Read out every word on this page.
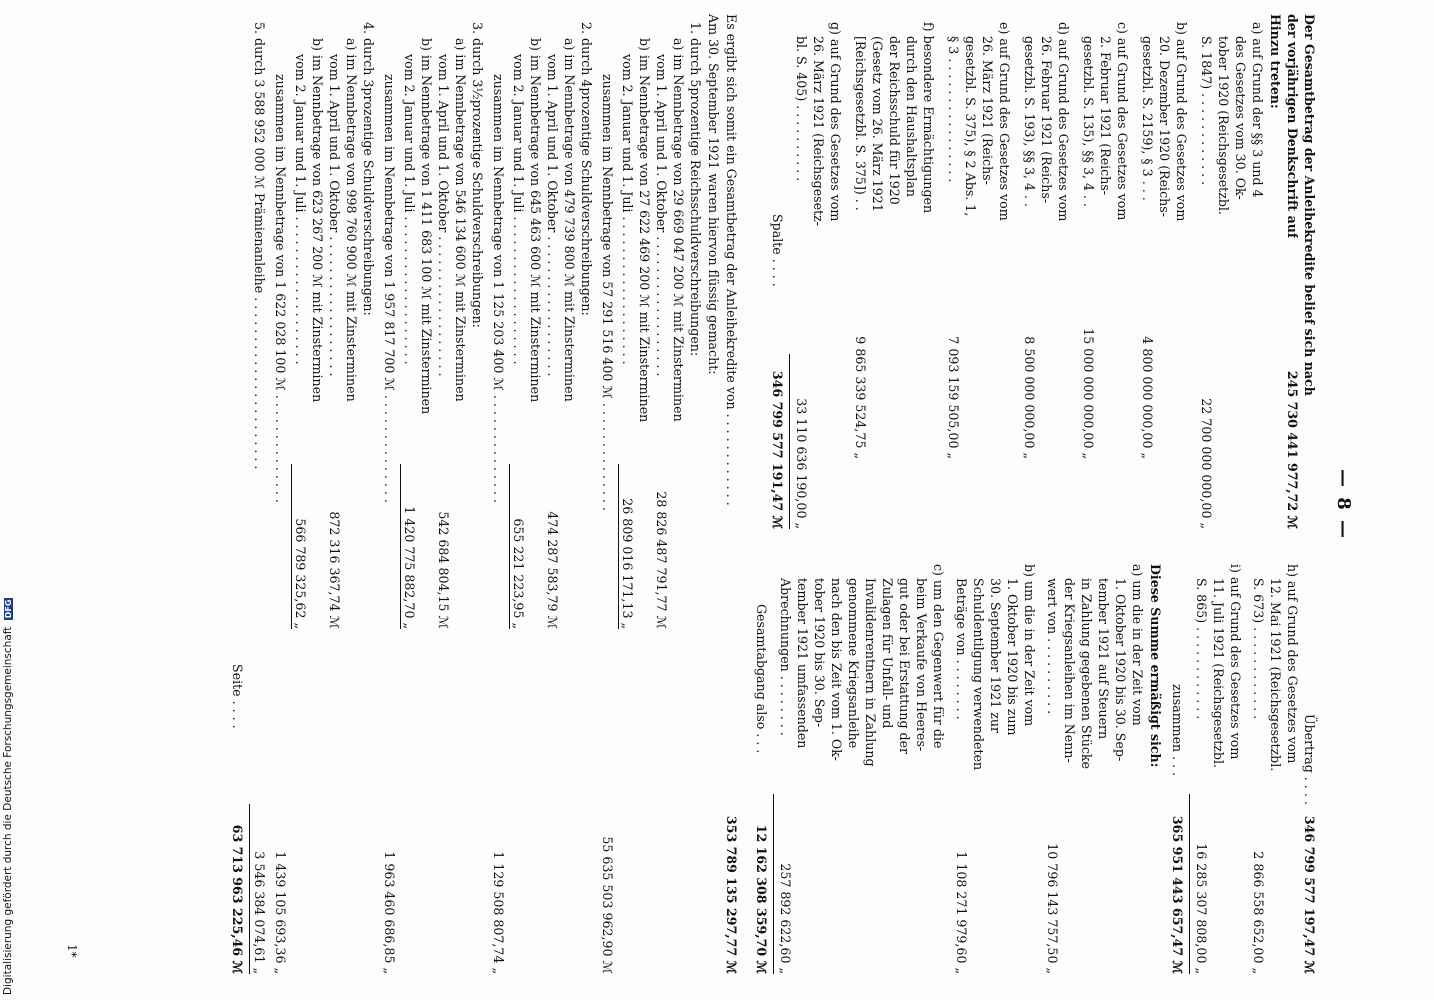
Digitalisierung gefördert durch die Deutsche Forschungsgemeinschaft DFG
— 8 —
Der Gesamtbetrag der Anleihekredite belief sich nach
der vorjährigen Denkschrift auf
245 730 441 977,72 ℳ
Hinzu treten:
a) auf Grund der §§ 3 und 4
des Gesetzes vom 30. Ok-
tober 1920 (Reichsgesetzbl.
S. 1847) . . . . . . . . . . . .
22 700 000 000,00 „
b) auf Grund des Gesetzes vom
20. Dezember 1920 (Reichs-
gesetzbl. S. 2159), § 3 . . .
4 800 000 000,00 „
c) auf Grund des Gesetzes vom
2. Februar 1921 (Reichs-
gesetzbl. S. 135), §§ 3, 4 . .
15 000 000 000,00 „
d) auf Grund des Gesetzes vom
26. Februar 1921 (Reichs-
gesetzbl. S. 193), §§ 3, 4 . .
8 500 000 000,00 „
e) auf Grund des Gesetzes vom
26. März 1921 (Reichs-
gesetzbl. S. 375), § 2 Abs. 1,
§ 3 . . . . . . . . . . . . . . . .
7 093 159 505,00 „
f) besondere Ermächtigungen
durch den Haushaltsplan
der Reichsschuld für 1920
(Gesetz vom 26. März 1921
[Reichsgesetzbl. S. 375]) . .
9 865 339 524,75 „
g) auf Grund des Gesetzes vom
26. März 1921 (Reichsgesetz-
bl. S. 405) . . . . . . . . . .
33 110 636 190,00 „
Spalte . . . .
346 799 577 191,47 ℳ
Übertrag . . . .
346 799 577 197,47 ℳ
h) auf Grund des Gesetzes vom
12. Mai 1921 (Reichsgesetzbl.
S. 673) . . . . . . . . . . . .
2 866 558 652,00 „
i) auf Grund des Gesetzes vom
11. Juli 1921 (Reichsgesetzbl.
S. 865) . . . . . . . . . . . .
16 285 307 808,00 „
zusammen . . .
365 951 443 657,47 ℳ
Diese Summe ermäßigt sich:
a) um die in der Zeit vom
1. Oktober 1920 bis 30. Sep-
tember 1921 auf Steuern
in Zahlung gegebenen Stücke
der Kriegsanleihen im Nenn-
wert von . . . . . . . . . .
10 796 143 757,50 „
b) um die in der Zeit vom
1. Oktober 1920 bis zum
30. September 1921 zur
Schuldentilgung verwendeten
Beträge von . . . . . . . .
1 108 271 979,60 „
c) um den Gegenwert für die
beim Verkaufe von Heeres-
gut oder bei Erstattung der
Zulagen für Unfall- und
Invalidenrentnern in Zahlung
genommene Kriegsanleihe
nach den bis Zeit vom 1. Ok-
tober 1920 bis 30. Sep-
tember 1921 umfassenden
Abrechnungen . . . . . . . .
257 892 622,60 „
Gesamtabgang also . . .
12 162 308 359,70 ℳ
Es ergibt sich somit ein Gesamtbetrag der Anleihekredite von . . . . . . . . . . . .
353 789 135 297,77 ℳ
Am 30. September 1921 waren hiervon flüssig gemacht:
1. durch 5prozentige Reichsschuldverschreibungen:
a) im Nennbetrage von 29 669 047 200 ℳ mit Zinsterminen
vom 1. April und 1. Oktober . . . . . . . . . . . . . . . . . .
28 826 487 791,77 ℳ
b) im Nennbetrage von 27 622 469 200 ℳ mit Zinsterminen
vom 2. Januar und 1. Juli . . . . . . . . . . . . . . . . . . .
26 809 016 171,13 „
zusammen im Nennbetrage von 57 291 516 400 ℳ . . . . . . . . . . . . . .
55 635 503 962,90 ℳ
2. durch 4prozentige Schuldverschreibungen:
a) im Nennbetrage von 479 739 800 ℳ mit Zinsterminen
vom 1. April und 1. Oktober . . . . . . . . . . . . . . . . . .
474 287 583,79 ℳ
b) im Nennbetrage von 645 463 600 ℳ mit Zinsterminen
vom 2. Januar und 1. Juli . . . . . . . . . . . . . . . . . . .
655 221 223,95 „
zusammen im Nennbetrage von 1 125 203 400 ℳ . . . . . . . . . . . . . .
1 129 508 807,74 „
3. durch 3½prozentige Schuldverschreibungen:
a) im Nennbetrage von 546 134 600 ℳ mit Zinsterminen
vom 1. April und 1. Oktober . . . . . . . . . . . . . . . . . .
542 684 804,15 ℳ
b) im Nennbetrage von 1 411 683 100 ℳ mit Zinsterminen
vom 2. Januar und 1. Juli . . . . . . . . . . . . . . . . . . .
1 420 775 882,70 „
zusammen im Nennbetrage von 1 957 817 700 ℳ . . . . . . . . . . . . . .
1 963 460 686,85 „
4. durch 3prozentige Schuldverschreibungen:
a) im Nennbetrage von 998 760 900 ℳ mit Zinsterminen
vom 1. April und 1. Oktober . . . . . . . . . . . . . . . . . .
872 316 367,74 ℳ
b) im Nennbetrage von 623 267 200 ℳ mit Zinsterminen
vom 2. Januar und 1. Juli . . . . . . . . . . . . . . . . . . .
566 789 325,62 „
zusammen im Nennbetrage von 1 622 028 100 ℳ . . . . . . . . . . . . . .
1 439 105 693,36 „
5. durch 3 588 952 000 ℳ Prämienanleihe . . . . . . . . . . . . . . . . . . . . . .
3 546 384 074,61 „
Seite . . . .
63 713 963 225,46 ℳ
1*
